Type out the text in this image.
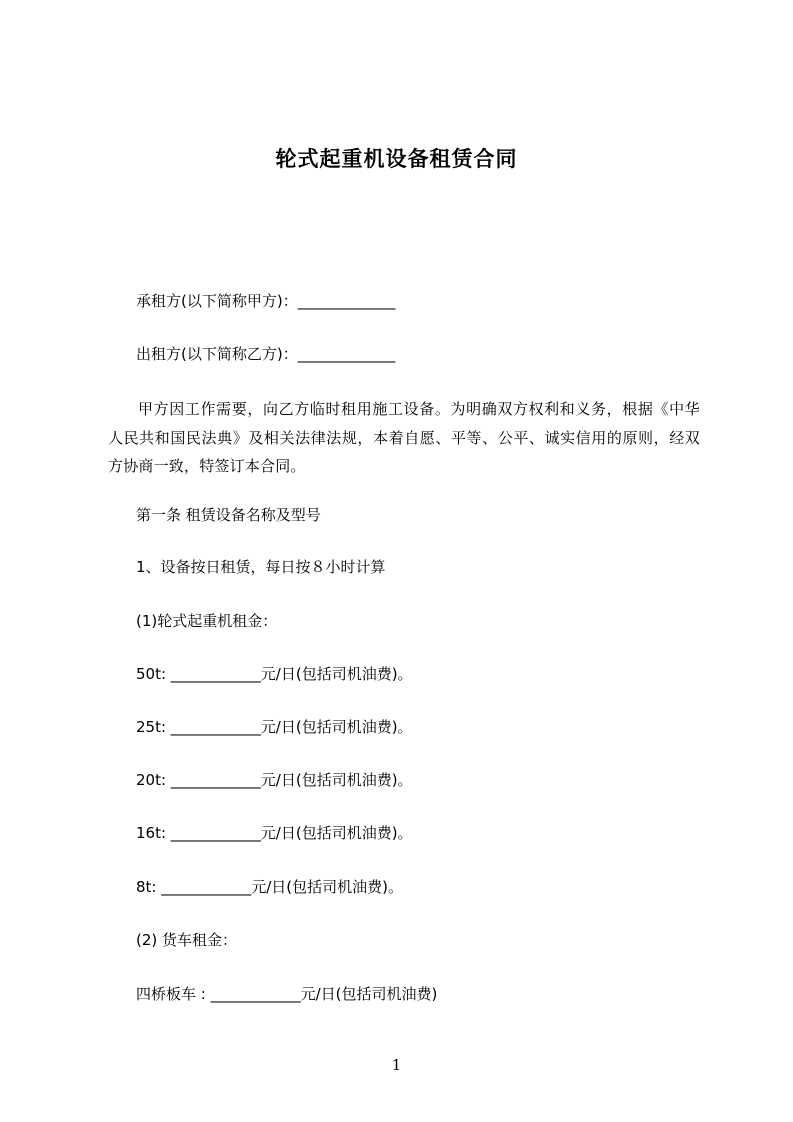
轮式起重机设备租赁合同
承租方(以下简称甲方)：_____________
出租方(以下简称乙方)：_____________
甲方因工作需要，向乙方临时租用施工设备。为明确双方权利和义务，根据《中华人民共和国民法典》及相关法律法规，本着自愿、平等、公平、诚实信用的原则，经双方协商一致，特签订本合同。
第一条 租赁设备名称及型号
1、设备按日租赁，每日按８小时计算
(1)轮式起重机租金：
50t: ____________元/日(包括司机油费)。
25t: ____________元/日(包括司机油费)。
20t: ____________元/日(包括司机油费)。
16t: ____________元/日(包括司机油费)。
8t: ____________元/日(包括司机油费)。
(2) 货车租金：
四桥板车 : ____________元/日(包括司机油费)
1
